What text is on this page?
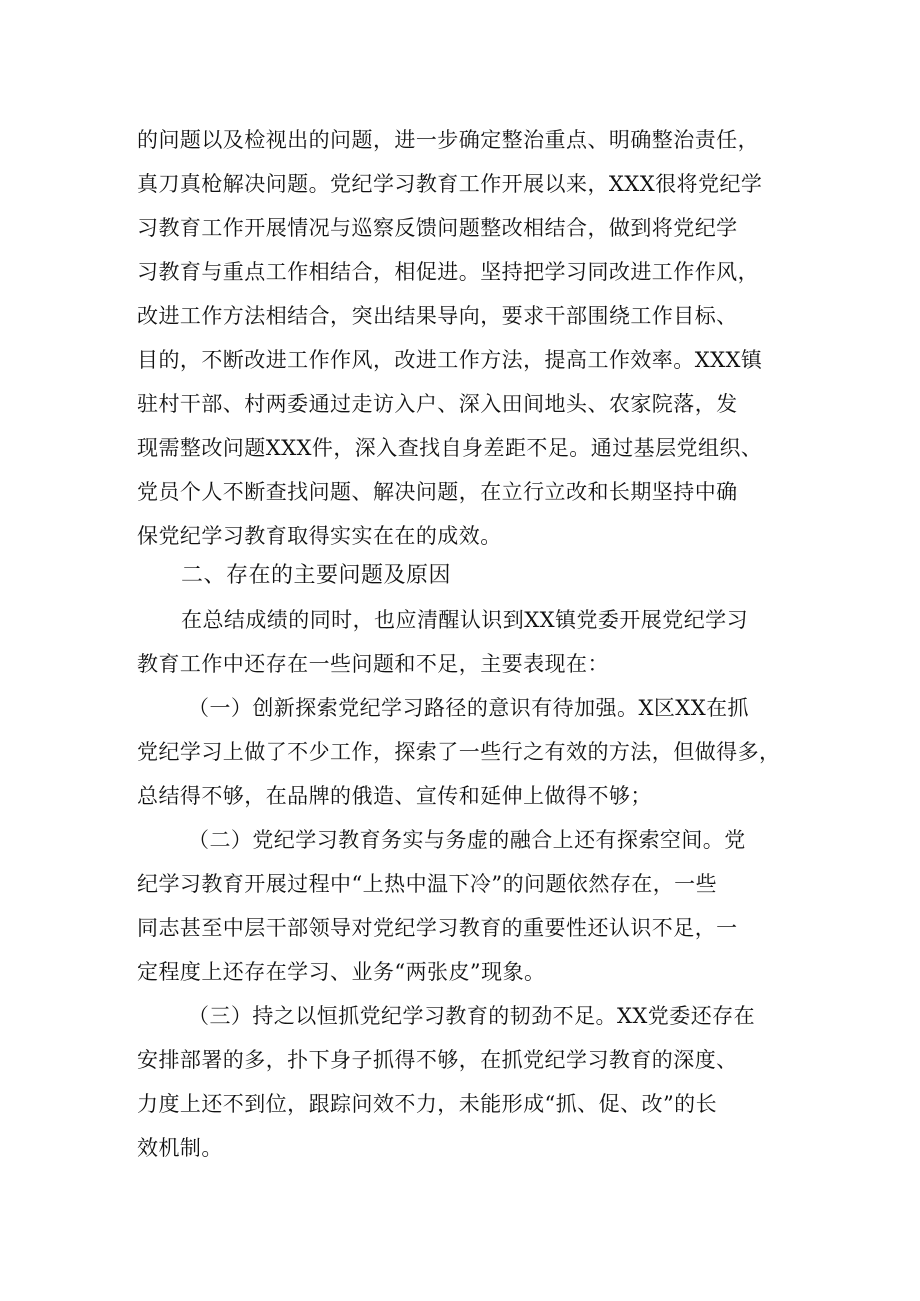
的问题以及检视出的问题，进一步确定整治重点、明确整治责任，
真刀真枪解决问题。党纪学习教育工作开展以来，XXX很将党纪学
习教育工作开展情况与巡察反馈问题整改相结合，做到将党纪学
习教育与重点工作相结合，相促进。坚持把学习同改进工作作风，
改进工作方法相结合，突出结果导向，要求干部围绕工作目标、
目的，不断改进工作作风，改进工作方法，提高工作效率。XXX镇
驻村干部、村两委通过走访入户、深入田间地头、农家院落，发
现需整改问题XXX件，深入查找自身差距不足。通过基层党组织、
党员个人不断查找问题、解决问题，在立行立改和长期坚持中确
保党纪学习教育取得实实在在的成效。
二、存在的主要问题及原因
在总结成绩的同时，也应清醒认识到XX镇党委开展党纪学习
教育工作中还存在一些问题和不足，主要表现在：
（一）创新探索党纪学习路径的意识有待加强。X区XX在抓
党纪学习上做了不少工作，探索了一些行之有效的方法，但做得多，
总结得不够，在品牌的俄造、宣传和延伸上做得不够；
（二）党纪学习教育务实与务虚的融合上还有探索空间。党
纪学习教育开展过程中“上热中温下冷”的问题依然存在，一些
同志甚至中层干部领导对党纪学习教育的重要性还认识不足，一
定程度上还存在学习、业务“两张皮”现象。
（三）持之以恒抓党纪学习教育的韧劲不足。XX党委还存在
安排部署的多，扑下身子抓得不够，在抓党纪学习教育的深度、
力度上还不到位，跟踪问效不力，未能形成“抓、促、改”的长
效机制。
